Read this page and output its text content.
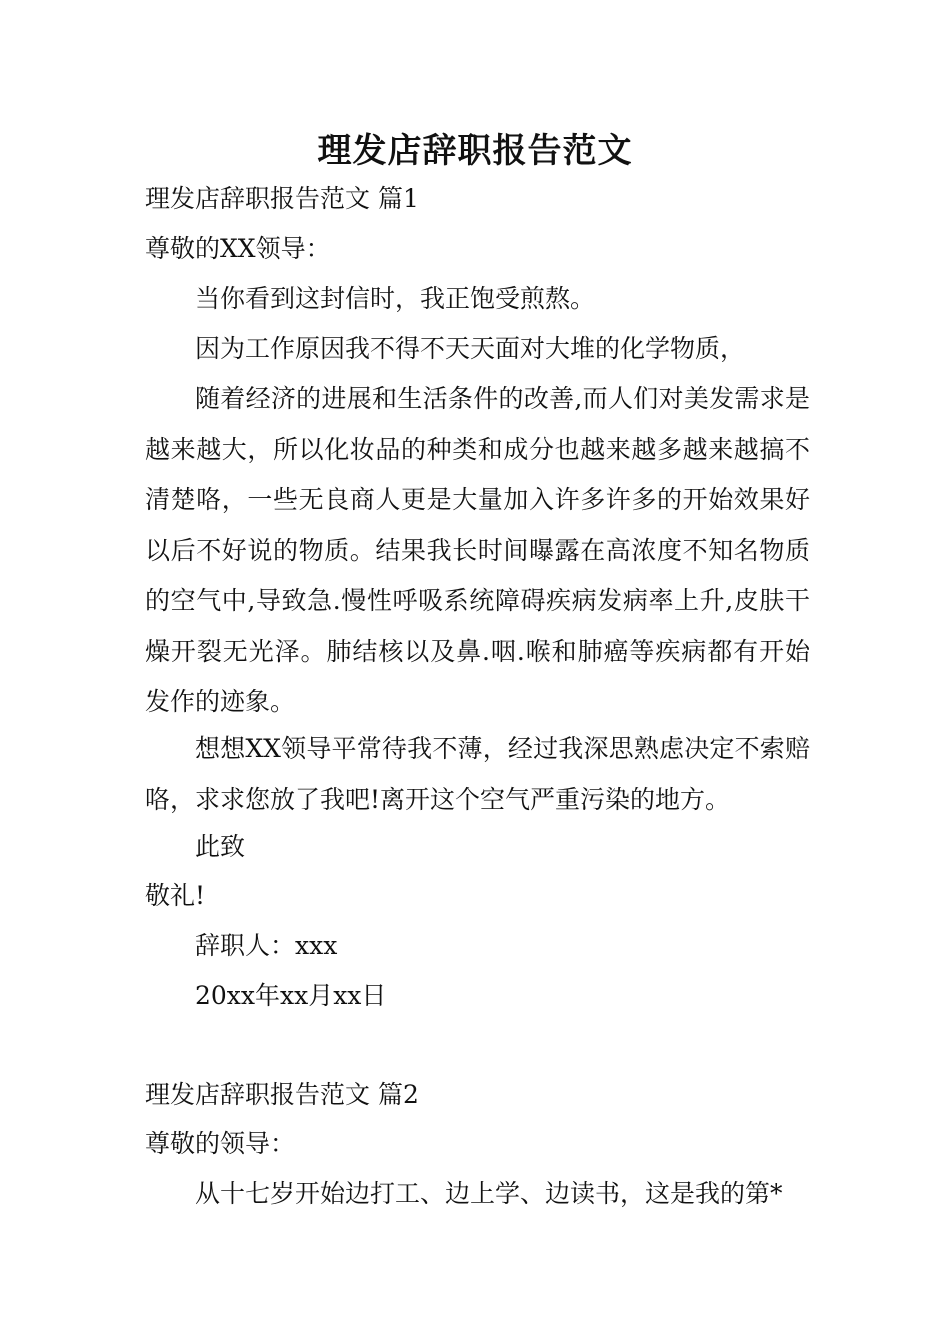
理发店辞职报告范文
理发店辞职报告范文 篇1
尊敬的XX领导：
当你看到这封信时，我正饱受煎熬。
因为工作原因我不得不天天面对大堆的化学物质，
随着经济的进展和生活条件的改善,而人们对美发需求是越来越大，所以化妆品的种类和成分也越来越多越来越搞不清楚咯，一些无良商人更是大量加入许多许多的开始效果好以后不好说的物质。结果我长时间曝露在高浓度不知名物质的空气中,导致急.慢性呼吸系统障碍疾病发病率上升,皮肤干燥开裂无光泽。肺结核以及鼻.咽.喉和肺癌等疾病都有开始发作的迹象。
想想XX领导平常待我不薄，经过我深思熟虑决定不索赔咯，求求您放了我吧!离开这个空气严重污染的地方。
此致
敬礼!
辞职人：xxx
20xx年xx月xx日
理发店辞职报告范文 篇2
尊敬的领导：
从十七岁开始边打工、边上学、边读书，这是我的第*
